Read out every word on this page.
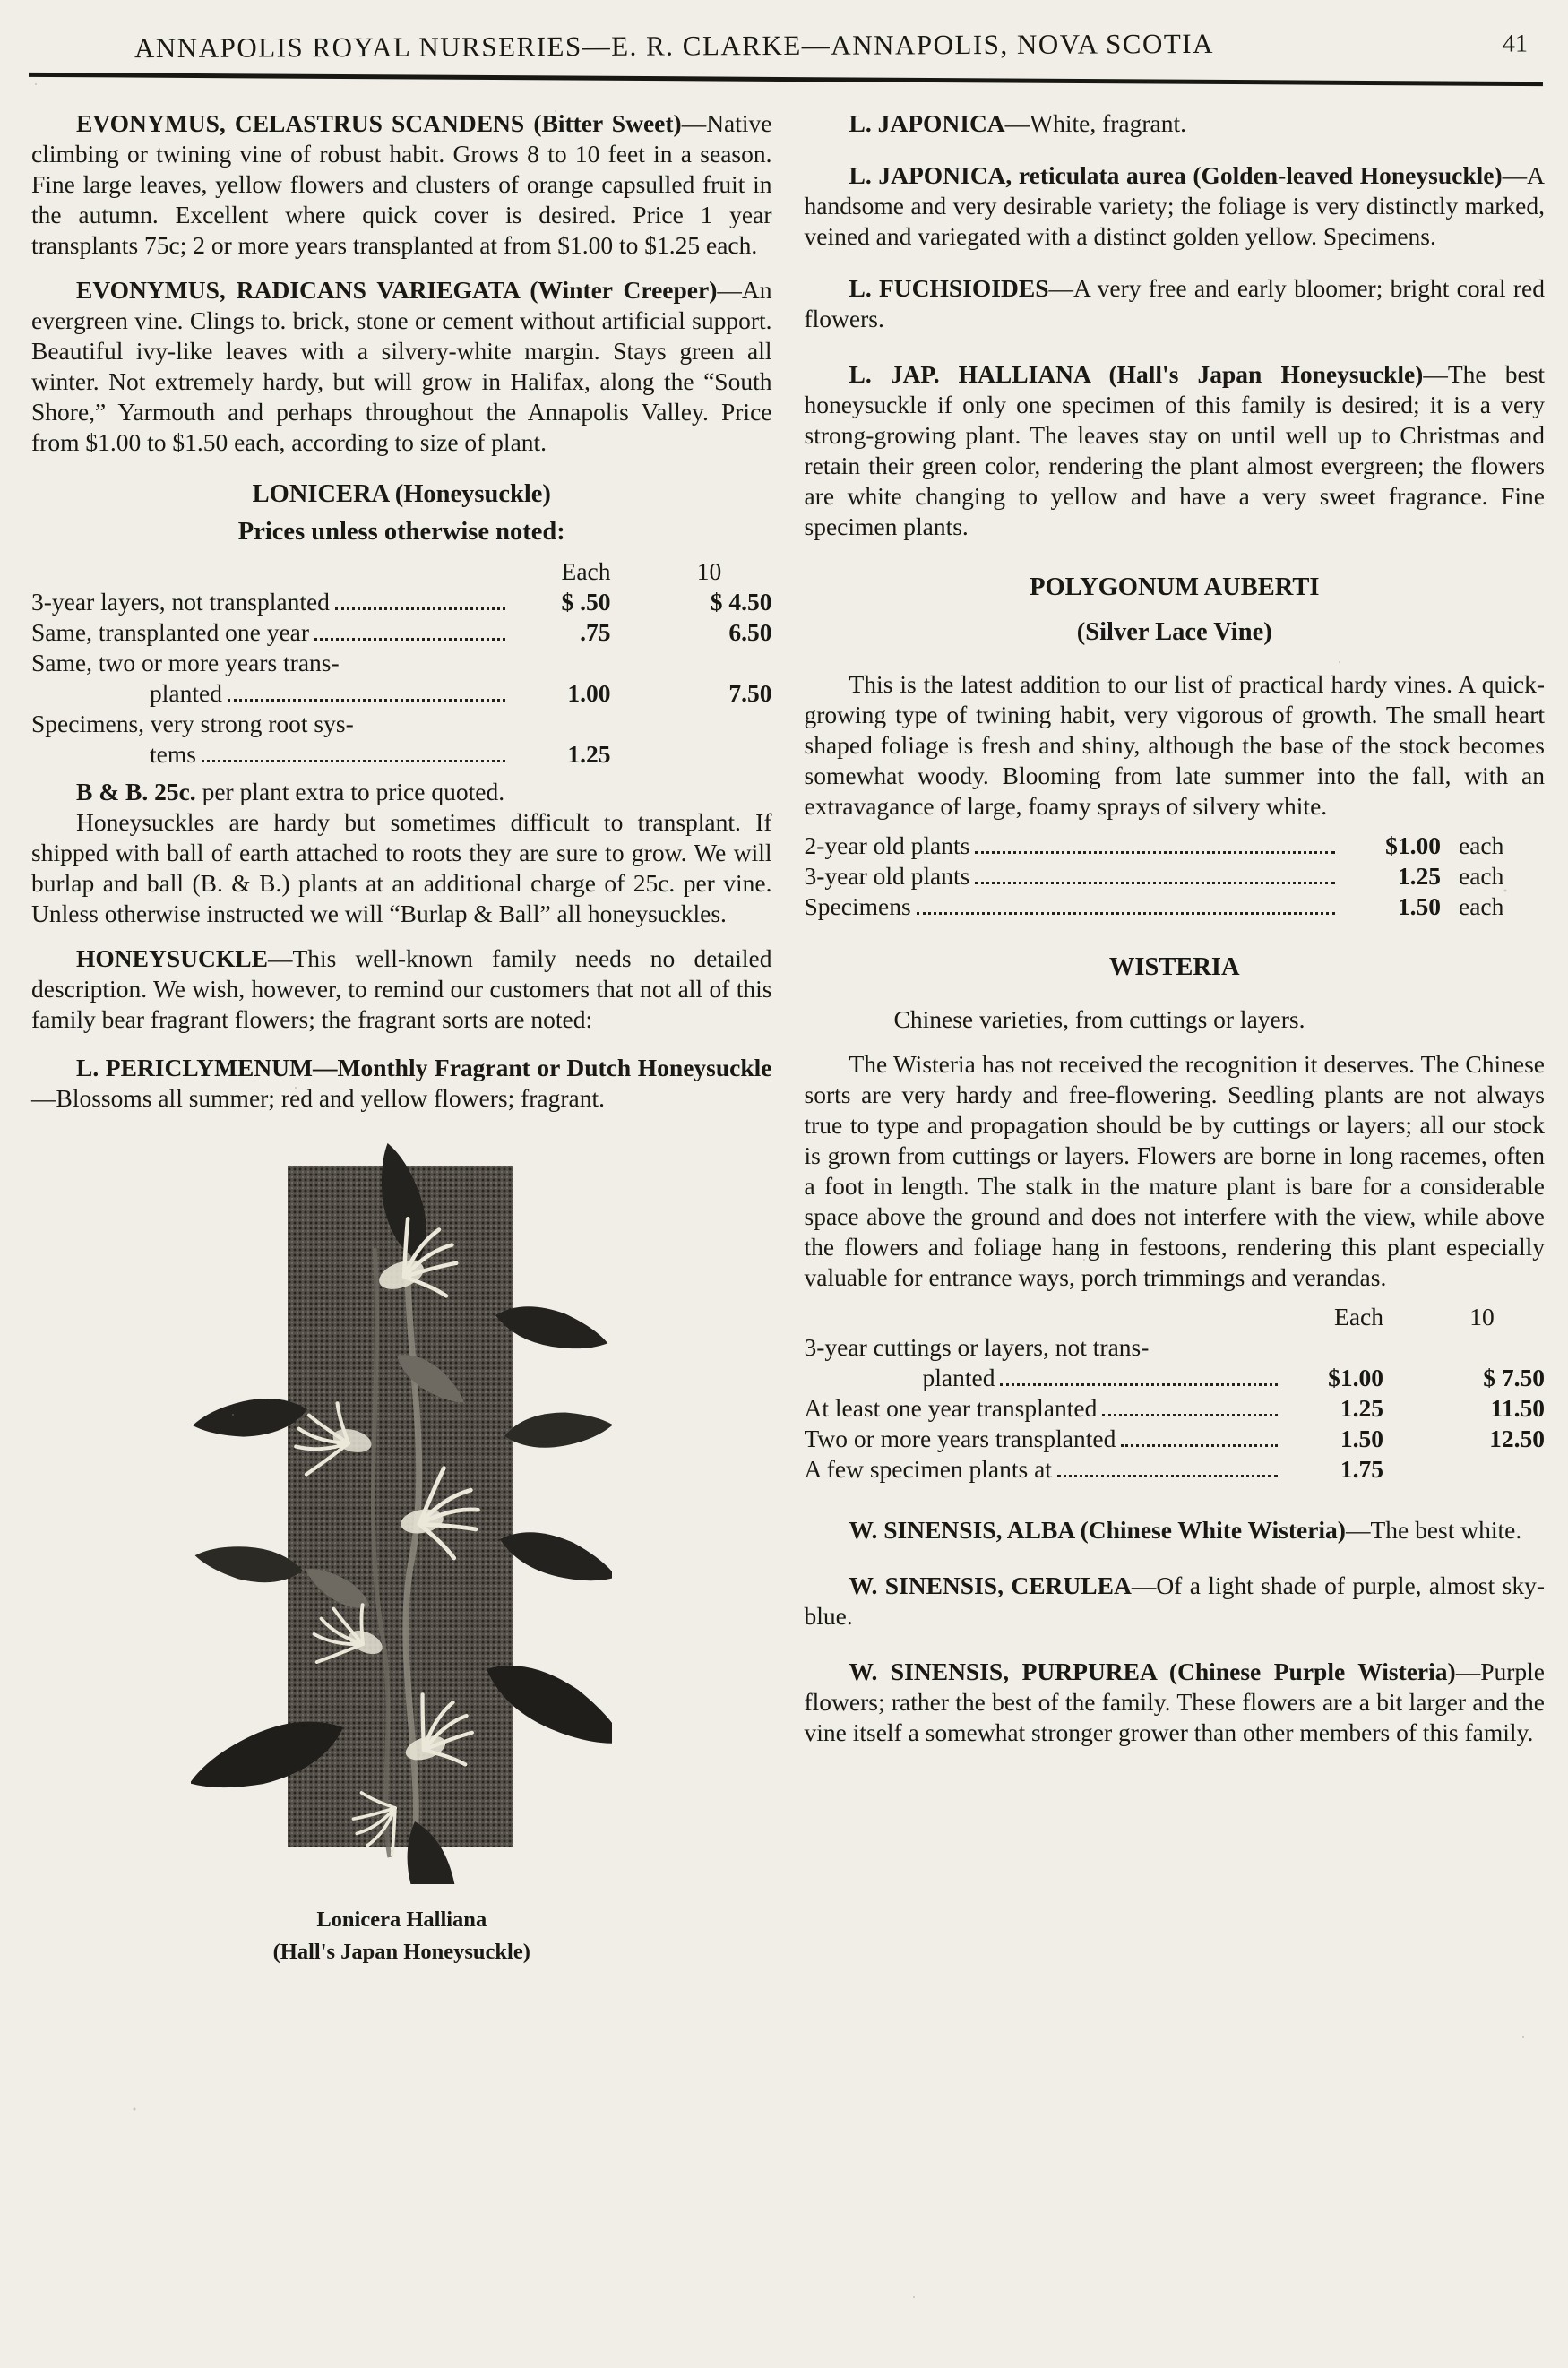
ANNAPOLIS ROYAL NURSERIES—E. R. CLARKE—ANNAPOLIS, NOVA SCOTIA	41

EVONYMUS, CELASTRUS SCANDENS (Bitter Sweet)—Native climbing or twining vine of robust habit. Grows 8 to 10 feet in a season. Fine large leaves, yellow flowers and clusters of orange capsulled fruit in the autumn. Excellent where quick cover is desired. Price 1 year transplants 75c; 2 or more years transplanted at from $1.00 to $1.25 each.

EVONYMUS, RADICANS VARIEGATA (Winter Creeper)—An evergreen vine. Clings to. brick, stone or cement without artificial support. Beautiful ivy-like leaves with a silvery-white margin. Stays green all winter. Not extremely hardy, but will grow in Halifax, along the “South Shore,” Yarmouth and perhaps throughout the Annapolis Valley. Price from $1.00 to $1.50 each, according to size of plant.

LONICERA (Honeysuckle)

Prices unless otherwise noted:

Each	10
3-year layers, not transplanted	$ .50	$ 4.50
Same, transplanted one year	.75	6.50
Same, two or more years trans-
planted	1.00	7.50
Specimens, very strong root sys-
tems	1.25

B & B. 25c. per plant extra to price quoted.

Honeysuckles are hardy but sometimes difficult to transplant. If shipped with ball of earth attached to roots they are sure to grow. We will burlap and ball (B. & B.) plants at an additional charge of 25c. per vine. Unless otherwise instructed we will “Burlap & Ball” all honeysuckles.

HONEYSUCKLE—This well-known family needs no detailed description. We wish, however, to remind our customers that not all of this family bear fragrant flowers; the fragrant sorts are noted:

L. PERICLYMENUM—Monthly Fragrant or Dutch Honeysuckle—Blossoms all summer; red and yellow flowers; fragrant.

Lonicera Halliana
(Hall's Japan Honeysuckle)

L. JAPONICA—White, fragrant.

L. JAPONICA, reticulata aurea (Golden-leaved Honeysuckle)—A handsome and very desirable variety; the foliage is very distinctly marked, veined and variegated with a distinct golden yellow. Specimens.

L. FUCHSIOIDES—A very free and early bloomer; bright coral red flowers.

L. JAP. HALLIANA (Hall's Japan Honeysuckle)—The best honeysuckle if only one specimen of this family is desired; it is a very strong-growing plant. The leaves stay on until well up to Christmas and retain their green color, rendering the plant almost evergreen; the flowers are white changing to yellow and have a very sweet fragrance. Fine specimen plants.

POLYGONUM AUBERTI

(Silver Lace Vine)

This is the latest addition to our list of practical hardy vines. A quick-growing type of twining habit, very vigorous of growth. The small heart shaped foliage is fresh and shiny, although the base of the stock becomes somewhat woody. Blooming from late summer into the fall, with an extravagance of large, foamy sprays of silvery white.

2-year old plants	$1.00 each
3-year old plants	1.25 each
Specimens	1.50 each

WISTERIA

Chinese varieties, from cuttings or layers.

The Wisteria has not received the recognition it deserves. The Chinese sorts are very hardy and free-flowering. Seedling plants are not always true to type and propagation should be by cuttings or layers; all our stock is grown from cuttings or layers. Flowers are borne in long racemes, often a foot in length. The stalk in the mature plant is bare for a considerable space above the ground and does not interfere with the view, while above the flowers and foliage hang in festoons, rendering this plant especially valuable for entrance ways, porch trimmings and verandas.

Each	10
3-year cuttings or layers, not trans-
planted	$1.00	$ 7.50
At least one year transplanted	1.25	11.50
Two or more years transplanted	1.50	12.50
A few specimen plants at	1.75

W. SINENSIS, ALBA (Chinese White Wisteria)—The best white.

W. SINENSIS, CERULEA—Of a light shade of purple, almost sky-blue.

W. SINENSIS, PURPUREA (Chinese Purple Wisteria)—Purple flowers; rather the best of the family. These flowers are a bit larger and the vine itself a somewhat stronger grower than other members of this family.
